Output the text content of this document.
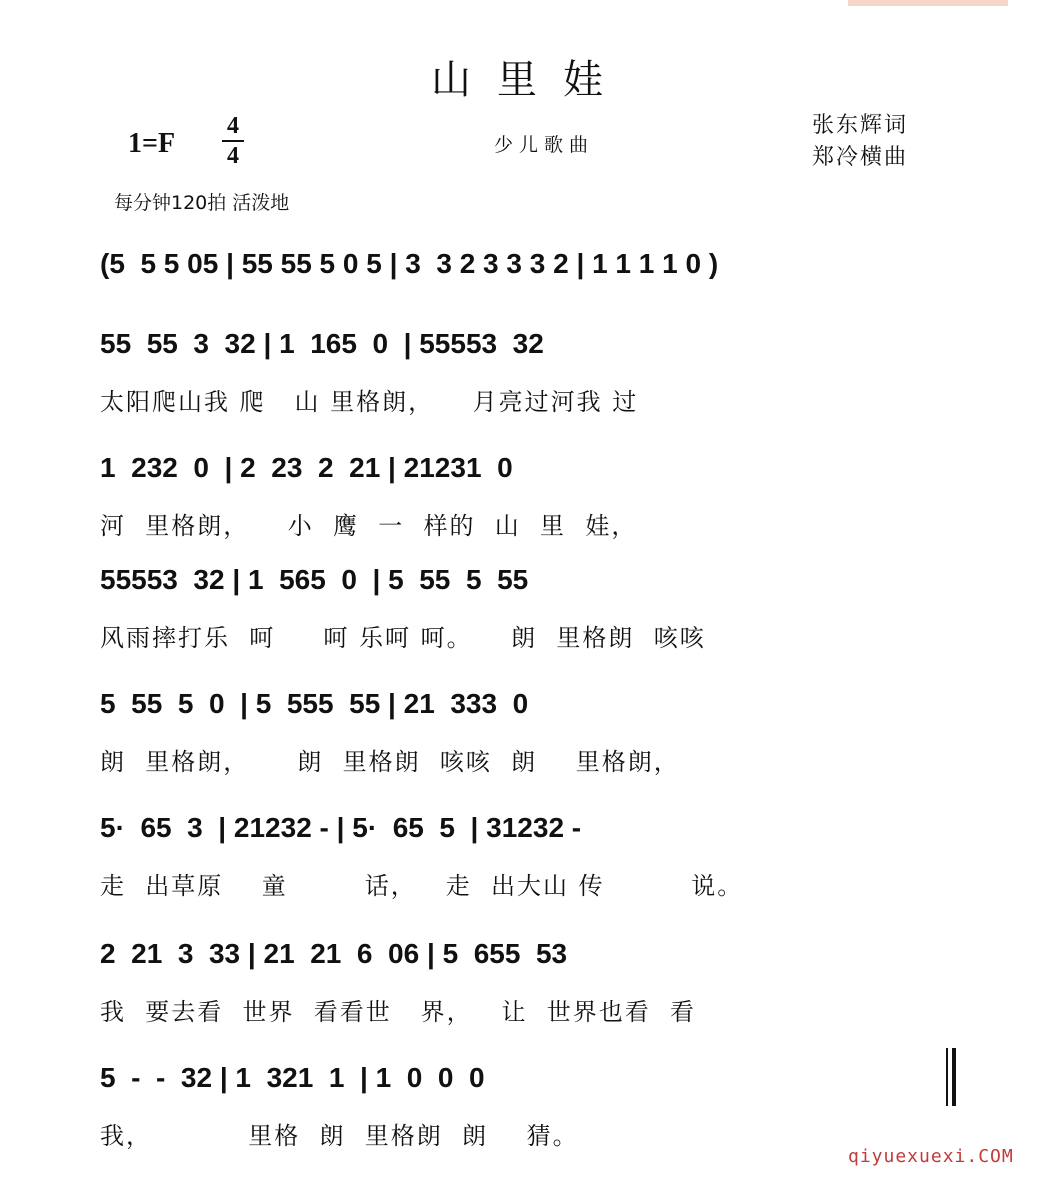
山里娃
1=F
4
4	少儿歌曲
张东辉词
郑冷横曲
每分钟120拍 活泼地
(5  5 5 05 | 55 55 5 0 5 | 3  3 2 3 3 3 2 | 1 1 1 1 0 )
55  55  3  32 | 1  165  0  | 55553  32
太阳爬山我 爬   山 里格朗，    月亮过河我 过
1  232  0  | 2  23  2  21 | 21231  0
河  里格朗，    小  鹰  一  样的  山  里  娃，
55553  32 | 1  565  0  | 5  55  5  55
风雨摔打乐  呵     呵 乐呵 呵。    朗  里格朗  咳咳
5  55  5  0  | 5  555  55 | 21  333  0
朗  里格朗，     朗  里格朗  咳咳  朗    里格朗，
5·  65  3  | 21232 - | 5·  65  5  | 31232 -
走  出草原    童        话，   走  出大山 传         说。
2  21  3  33 | 21  21  6  06 | 5  655  53
我  要去看  世界  看看世   界，   让  世界也看  看
5  -  -  32 | 1  321  1  | 1  0  0  0
我，          里格  朗  里格朗  朗    猜。
qiyuexuexi.COM
